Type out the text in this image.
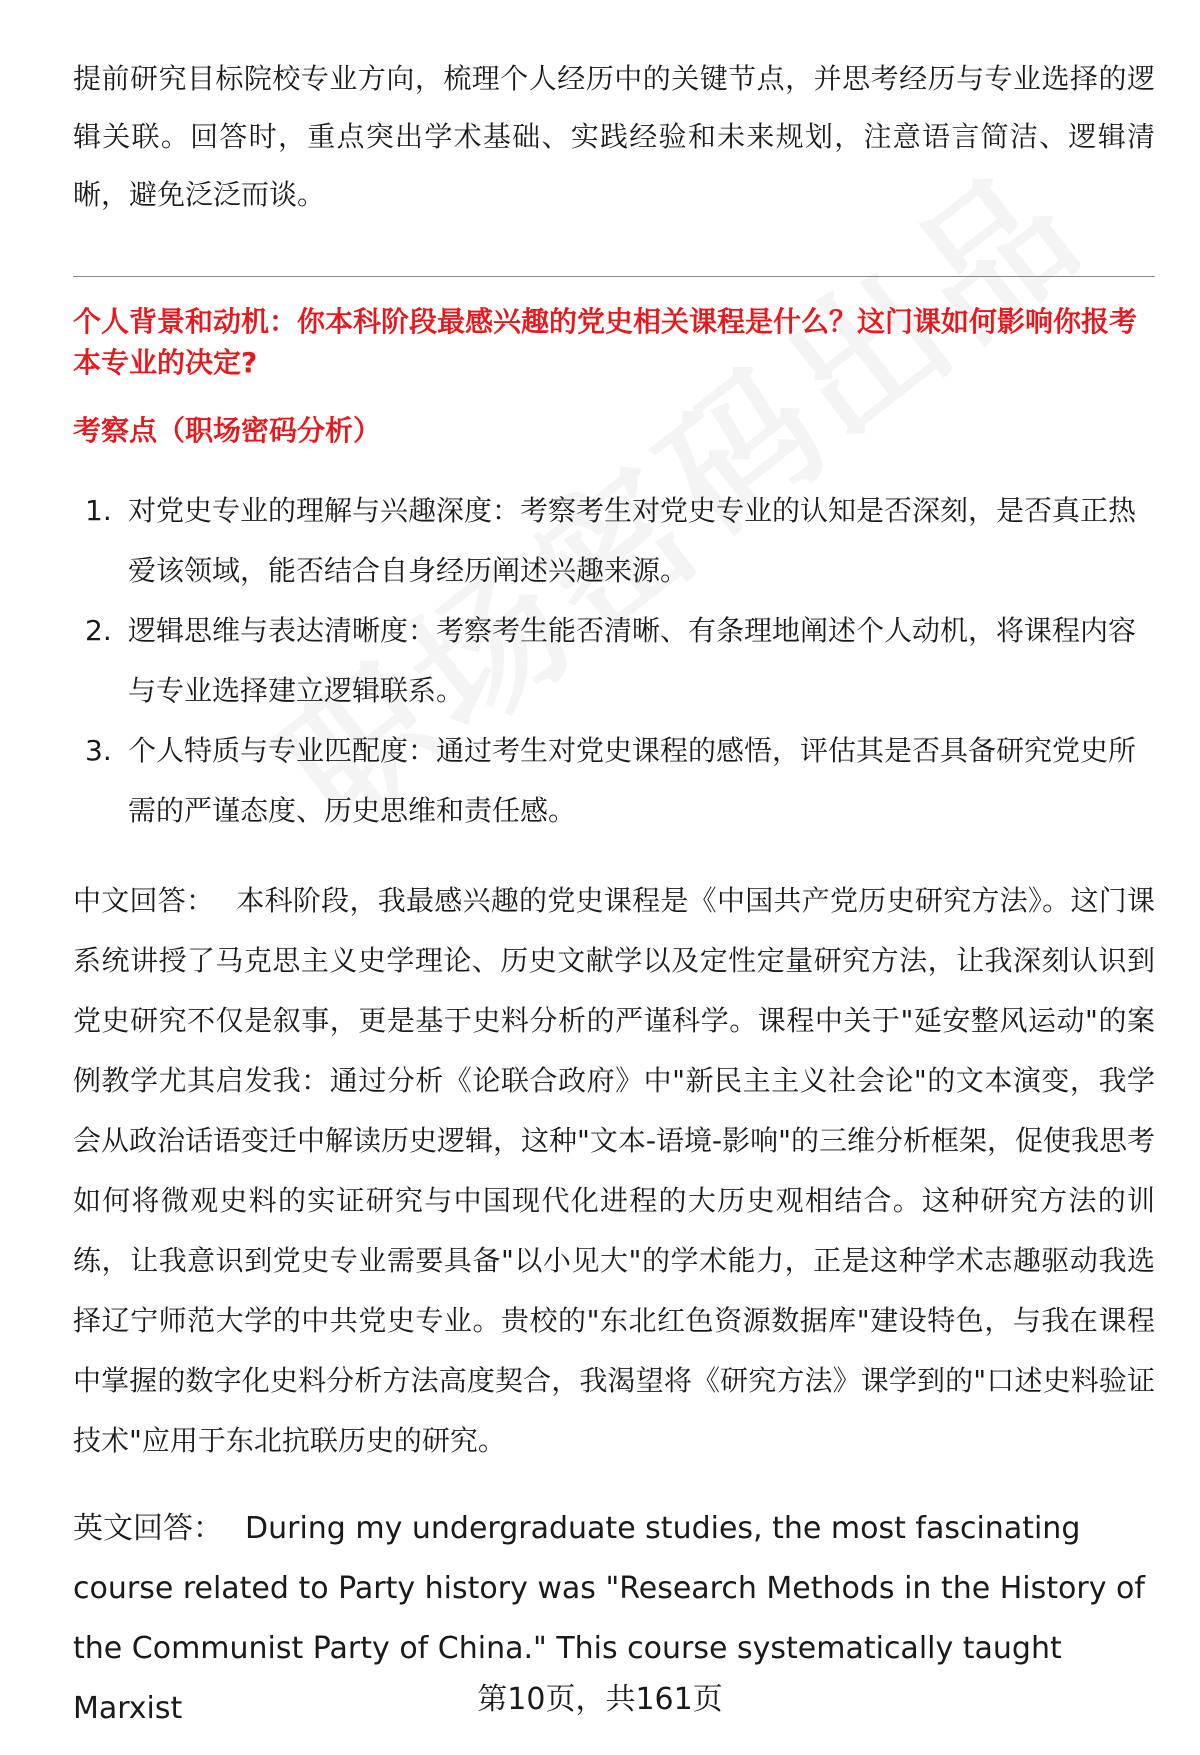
提前研究目标院校专业方向，梳理个人经历中的关键节点，并思考经历与专业选择的逻辑关联。回答时，重点突出学术基础、实践经验和未来规划，注意语言简洁、逻辑清晰，避免泛泛而谈。

个人背景和动机：你本科阶段最感兴趣的党史相关课程是什么？这门课如何影响你报考本专业的决定?

考察点（职场密码分析）

1. 对党史专业的理解与兴趣深度：考察考生对党史专业的认知是否深刻，是否真正热爱该领域，能否结合自身经历阐述兴趣来源。
2. 逻辑思维与表达清晰度：考察考生能否清晰、有条理地阐述个人动机，将课程内容与专业选择建立逻辑联系。
3. 个人特质与专业匹配度：通过考生对党史课程的感悟，评估其是否具备研究党史所需的严谨态度、历史思维和责任感。

中文回答： 本科阶段，我最感兴趣的党史课程是《中国共产党历史研究方法》。这门课系统讲授了马克思主义史学理论、历史文献学以及定性定量研究方法，让我深刻认识到党史研究不仅是叙事，更是基于史料分析的严谨科学。课程中关于"延安整风运动"的案例教学尤其启发我：通过分析《论联合政府》中"新民主主义社会论"的文本演变，我学会从政治话语变迁中解读历史逻辑，这种"文本-语境-影响"的三维分析框架，促使我思考如何将微观史料的实证研究与中国现代化进程的大历史观相结合。这种研究方法的训练，让我意识到党史专业需要具备"以小见大"的学术能力，正是这种学术志趣驱动我选择辽宁师范大学的中共党史专业。贵校的"东北红色资源数据库"建设特色，与我在课程中掌握的数字化史料分析方法高度契合，我渴望将《研究方法》课学到的"口述史料验证技术"应用于东北抗联历史的研究。

英文回答： During my undergraduate studies, the most fascinating course related to Party history was "Research Methods in the History of the Communist Party of China." This course systematically taught Marxist	第10页，共161页
